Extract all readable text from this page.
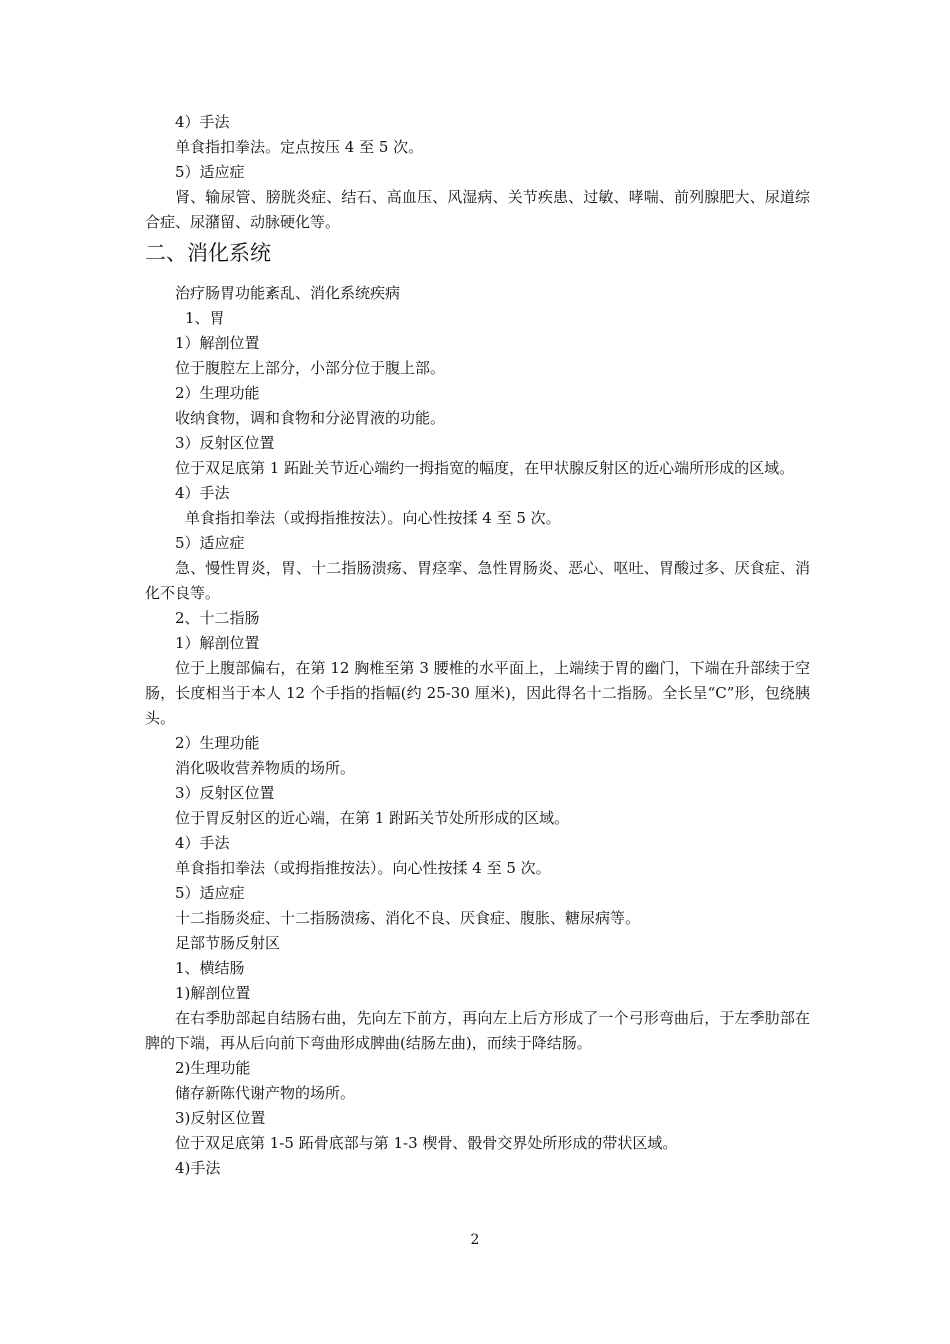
4）手法
单食指扣拳法。定点按压 4 至 5 次。
5）适应症
肾、输尿管、膀胱炎症、结石、高血压、风湿病、关节疾患、过敏、哮喘、前列腺肥大、尿道综合症、尿潴留、动脉硬化等。
二、消化系统
治疗肠胃功能紊乱、消化系统疾病
1、胃
1）解剖位置
位于腹腔左上部分，小部分位于腹上部。
2）生理功能
收纳食物，调和食物和分泌胃液的功能。
3）反射区位置
位于双足底第 1 跖趾关节近心端约一拇指宽的幅度，在甲状腺反射区的近心端所形成的区域。
4）手法
单食指扣拳法（或拇指推按法）。向心性按揉 4 至 5 次。
5）适应症
急、慢性胃炎，胃、十二指肠溃疡、胃痉挛、急性胃肠炎、恶心、呕吐、胃酸过多、厌食症、消化不良等。
2、十二指肠
1）解剖位置
位于上腹部偏右，在第 12 胸椎至第 3 腰椎的水平面上，上端续于胃的幽门，下端在升部续于空肠，长度相当于本人 12 个手指的指幅(约 25-30 厘米)，因此得名十二指肠。全长呈“C”形，包绕胰头。
2）生理功能
消化吸收营养物质的场所。
3）反射区位置
位于胃反射区的近心端，在第 1 跗跖关节处所形成的区域。
4）手法
单食指扣拳法（或拇指推按法）。向心性按揉 4 至 5 次。
5）适应症
十二指肠炎症、十二指肠溃疡、消化不良、厌食症、腹胀、糖尿病等。
足部节肠反射区
1、横结肠
1)解剖位置
在右季肋部起自结肠右曲，先向左下前方，再向左上后方形成了一个弓形弯曲后，于左季肋部在脾的下端，再从后向前下弯曲形成脾曲(结肠左曲)，而续于降结肠。
2)生理功能
储存新陈代谢产物的场所。
3)反射区位置
位于双足底第 1-5 跖骨底部与第 1-3 楔骨、骰骨交界处所形成的带状区域。
4)手法
2
